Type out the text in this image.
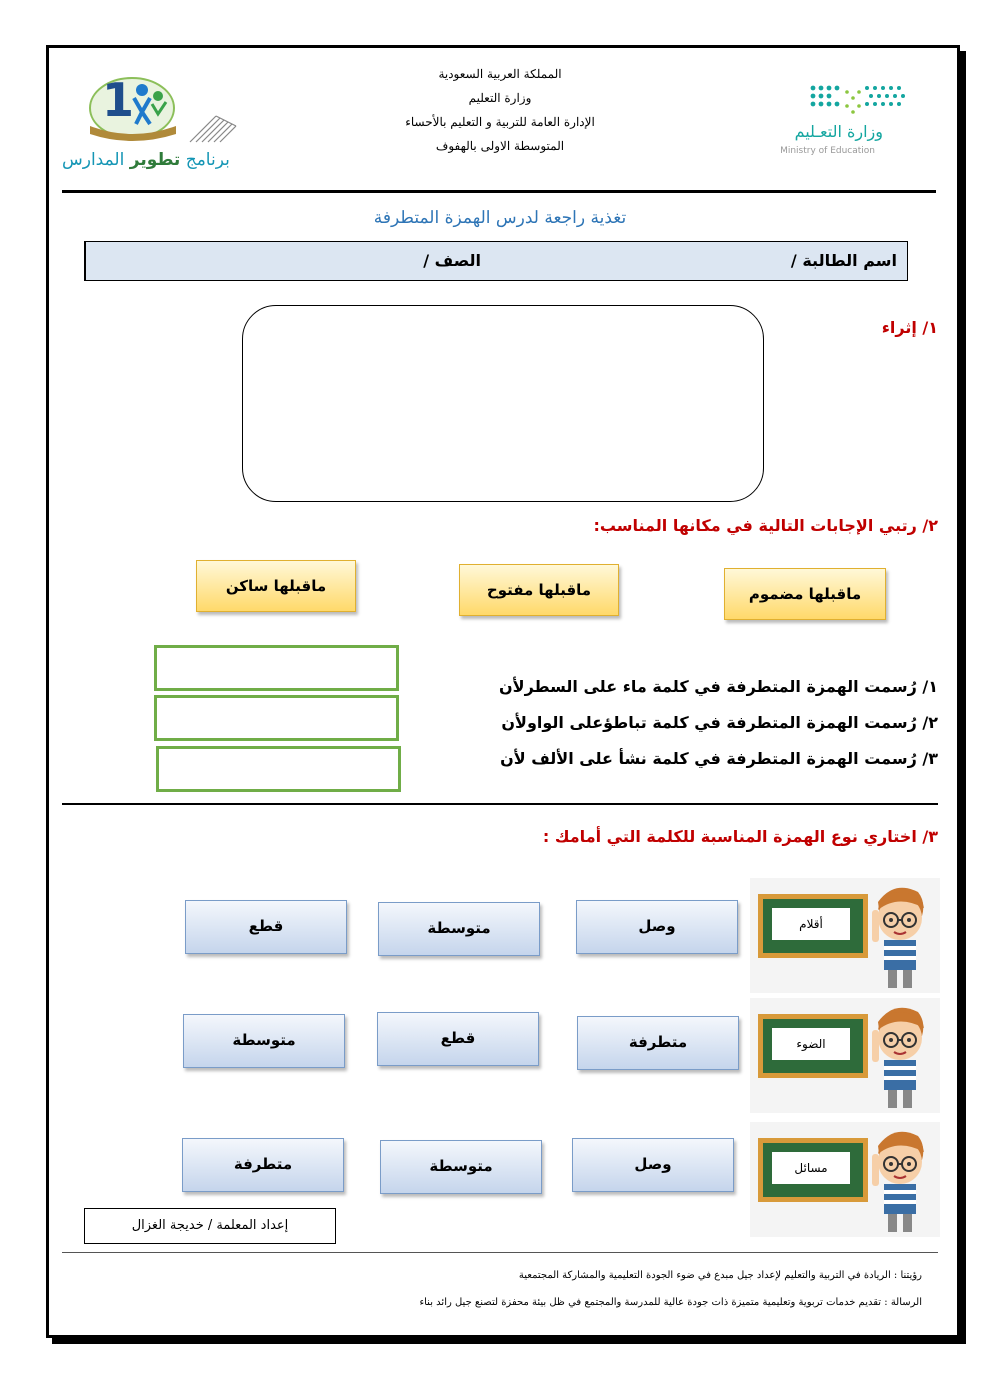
المملكة العربية السعودية
وزارة التعليم
الإدارة العامة للتربية و التعليم بالأحساء
المتوسطة الاولى بالهفوف
وزارة التعـليم
Ministry of Education
1
برنامج تطوير المدارس
تغذية راجعة لدرس الهمزة المتطرفة
اسم الطالبة /
الصف /
١/ إثراء
٢/ رتبي الإجابات التالية في مكانها المناسب:
ماقبلها مضموم
ماقبلها مفتوح
ماقبلها ساكن
١/ رُسمت الهمزة المتطرفة في كلمة ماء على السطرلأن
٢/ رُسمت الهمزة المتطرفة في كلمة تباطؤعلى الواولأن
٣/ رُسمت الهمزة المتطرفة في كلمة نشأ على الألف لأن
٣/ اختاري نوع الهمزة المناسبة للكلمة التي أمامك :
أقلام
وصل
متوسطة
قطع
الضوء
متطرفة
قطع
متوسطة
مسائل
وصل
متوسطة
متطرفة
إعداد المعلمة / خديجة الغزال
رؤيتنا : الريادة في التربية والتعليم لإعداد جيل مبدع في ضوء الجودة التعليمية والمشاركة المجتمعية
الرسالة : تقديم خدمات تربوية وتعليمية متميزة ذات جودة عالية للمدرسة والمجتمع في ظل بيئة محفزة لتصنع جيل رائد بناء
